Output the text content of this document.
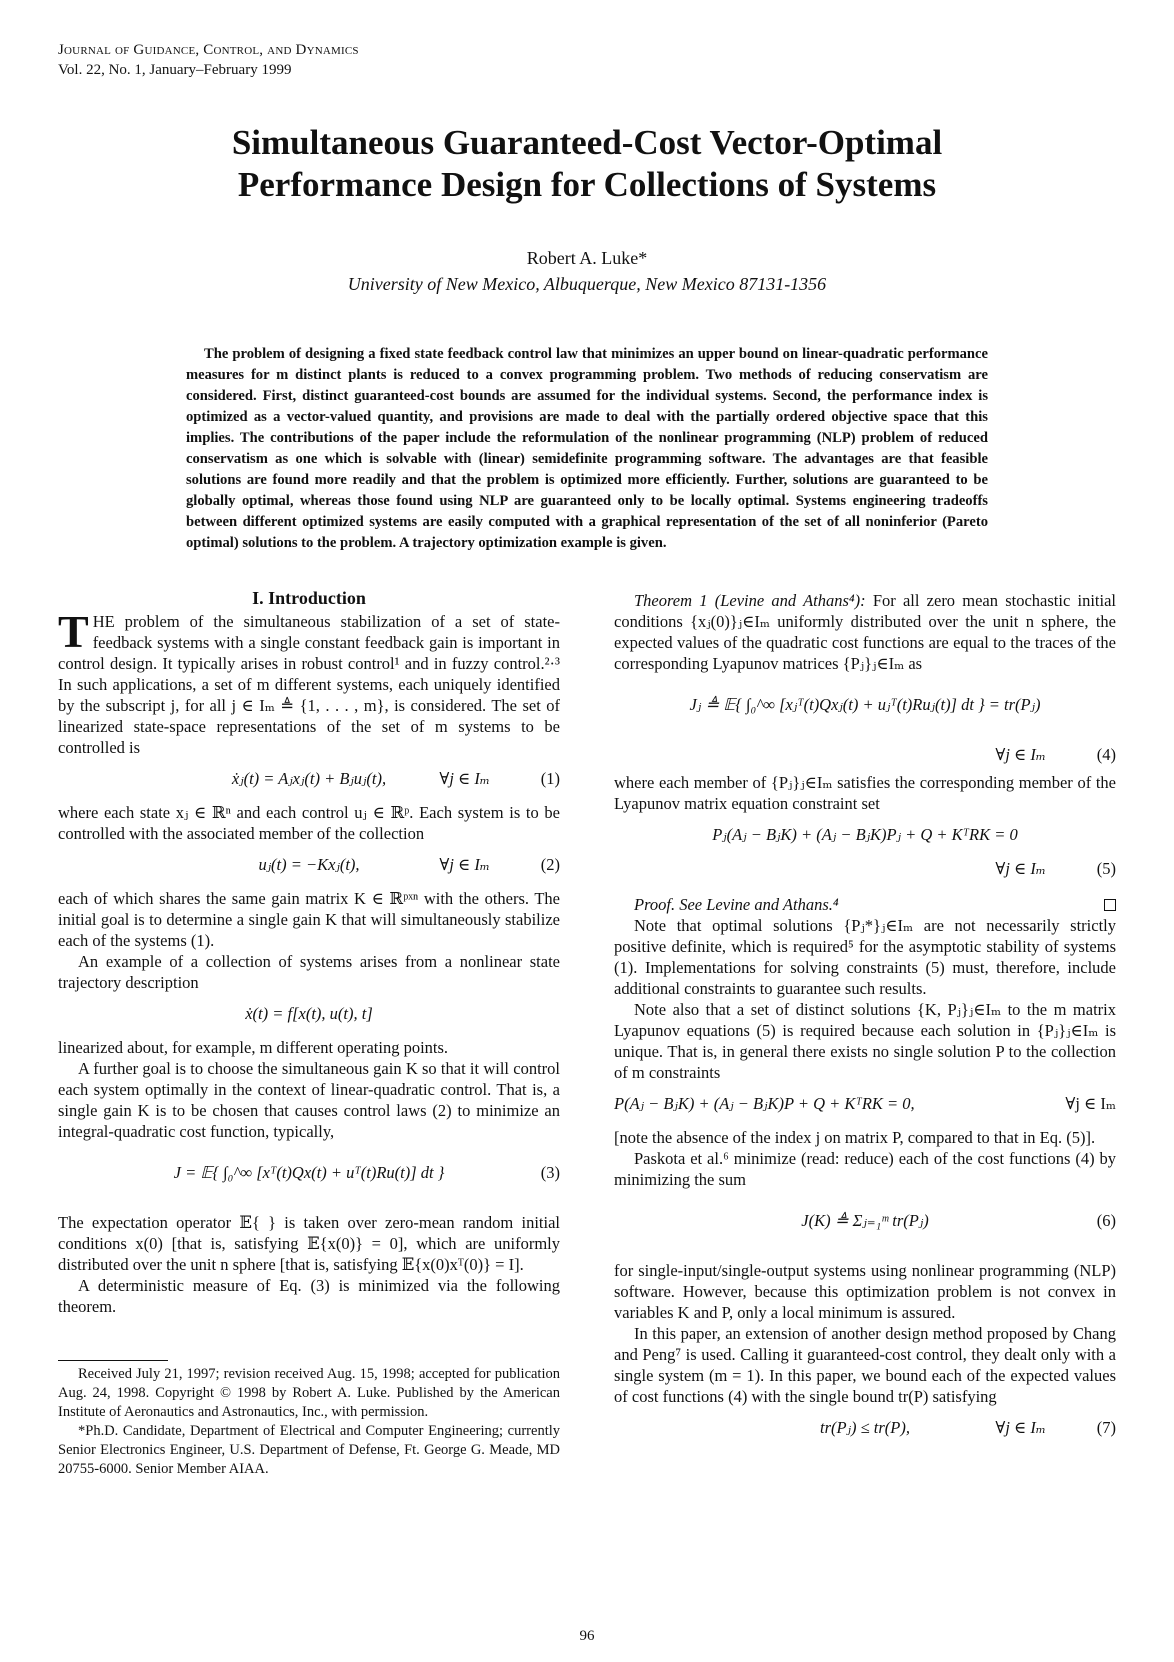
Journal of Guidance, Control, and Dynamics
Vol. 22, No. 1, January–February 1999
Simultaneous Guaranteed-Cost Vector-Optimal
Performance Design for Collections of Systems
Robert A. Luke*
University of New Mexico, Albuquerque, New Mexico 87131-1356
The problem of designing a fixed state feedback control law that minimizes an upper bound on linear-quadratic performance measures for m distinct plants is reduced to a convex programming problem. Two methods of reducing conservatism are considered. First, distinct guaranteed-cost bounds are assumed for the individual systems. Second, the performance index is optimized as a vector-valued quantity, and provisions are made to deal with the partially ordered objective space that this implies. The contributions of the paper include the reformulation of the nonlinear programming (NLP) problem of reduced conservatism as one which is solvable with (linear) semidefinite programming software. The advantages are that feasible solutions are found more readily and that the problem is optimized more efficiently. Further, solutions are guaranteed to be globally optimal, whereas those found using NLP are guaranteed only to be locally optimal. Systems engineering tradeoffs between different optimized systems are easily computed with a graphical representation of the set of all noninferior (Pareto optimal) solutions to the problem. A trajectory optimization example is given.
I. Introduction

THE problem of the simultaneous stabilization of a set of state-feedback systems with a single constant feedback gain is important in control design. It typically arises in robust control¹ and in fuzzy control.²·³ In such applications, a set of m different systems, each uniquely identified by the subscript j, for all j ∈ Iₘ ≜ {1, . . . , m}, is considered. The set of linearized state-space representations of the set of m systems to be controlled is

ẋⱼ(t) = Aⱼxⱼ(t) + Bⱼuⱼ(t),	∀j ∈ Iₘ	(1)

where each state xⱼ ∈ ℝⁿ and each control uⱼ ∈ ℝᵖ. Each system is to be controlled with the associated member of the collection

uⱼ(t) = −Kxⱼ(t),	∀j ∈ Iₘ	(2)

each of which shares the same gain matrix K ∈ ℝᵖˣⁿ with the others. The initial goal is to determine a single gain K that will simultaneously stabilize each of the systems (1).

An example of a collection of systems arises from a nonlinear state trajectory description

ẋ(t) = f[x(t), u(t), t]

linearized about, for example, m different operating points.

A further goal is to choose the simultaneous gain K so that it will control each system optimally in the context of linear-quadratic control. That is, a single gain K is to be chosen that causes control laws (2) to minimize an integral-quadratic cost function, typically,

J = 𝔼{ ∫₀^∞ [xᵀ(t)Qx(t) + uᵀ(t)Ru(t)] dt }	(3)

The expectation operator 𝔼{ } is taken over zero-mean random initial conditions x(0) [that is, satisfying 𝔼{x(0)} = 0], which are uniformly distributed over the unit n sphere [that is, satisfying 𝔼{x(0)xᵀ(0)} = I].

A deterministic measure of Eq. (3) is minimized via the following theorem.

Received July 21, 1997; revision received Aug. 15, 1998; accepted for publication Aug. 24, 1998. Copyright © 1998 by Robert A. Luke. Published by the American Institute of Aeronautics and Astronautics, Inc., with permission.

*Ph.D. Candidate, Department of Electrical and Computer Engineering; currently Senior Electronics Engineer, U.S. Department of Defense, Ft. George G. Meade, MD 20755-6000. Senior Member AIAA.

Theorem 1 (Levine and Athans⁴): For all zero mean stochastic initial conditions {xⱼ(0)}ⱼ∈Iₘ uniformly distributed over the unit n sphere, the expected values of the quadratic cost functions are equal to the traces of the corresponding Lyapunov matrices {Pⱼ}ⱼ∈Iₘ as

Jⱼ ≜ 𝔼{ ∫₀^∞ [xⱼᵀ(t)Qxⱼ(t) + uⱼᵀ(t)Ruⱼ(t)] dt } = tr(Pⱼ)
∀j ∈ Iₘ	(4)

where each member of {Pⱼ}ⱼ∈Iₘ satisfies the corresponding member of the Lyapunov matrix equation constraint set

Pⱼ(Aⱼ − BⱼK) + (Aⱼ − BⱼK)Pⱼ + Q + KᵀRK = 0
∀j ∈ Iₘ	(5)

Proof. See Levine and Athans.⁴

Note that optimal solutions {Pⱼ*}ⱼ∈Iₘ are not necessarily strictly positive definite, which is required⁵ for the asymptotic stability of systems (1). Implementations for solving constraints (5) must, therefore, include additional constraints to guarantee such results.

Note also that a set of distinct solutions {K, Pⱼ}ⱼ∈Iₘ to the m matrix Lyapunov equations (5) is required because each solution in {Pⱼ}ⱼ∈Iₘ is unique. That is, in general there exists no single solution P to the collection of m constraints

P(Aⱼ − BⱼK) + (Aⱼ − BⱼK)P + Q + KᵀRK = 0,	∀j ∈ Iₘ

[note the absence of the index j on matrix P, compared to that in Eq. (5)].

Paskota et al.⁶ minimize (read: reduce) each of the cost functions (4) by minimizing the sum

J(K) ≜ Σⱼ₌₁ᵐ tr(Pⱼ)	(6)

for single-input/single-output systems using nonlinear programming (NLP) software. However, because this optimization problem is not convex in variables K and P, only a local minimum is assured.

In this paper, an extension of another design method proposed by Chang and Peng⁷ is used. Calling it guaranteed-cost control, they dealt only with a single system (m = 1). In this paper, we bound each of the expected values of cost functions (4) with the single bound tr(P) satisfying

tr(Pⱼ) ≤ tr(P),	∀j ∈ Iₘ	(7)
96
